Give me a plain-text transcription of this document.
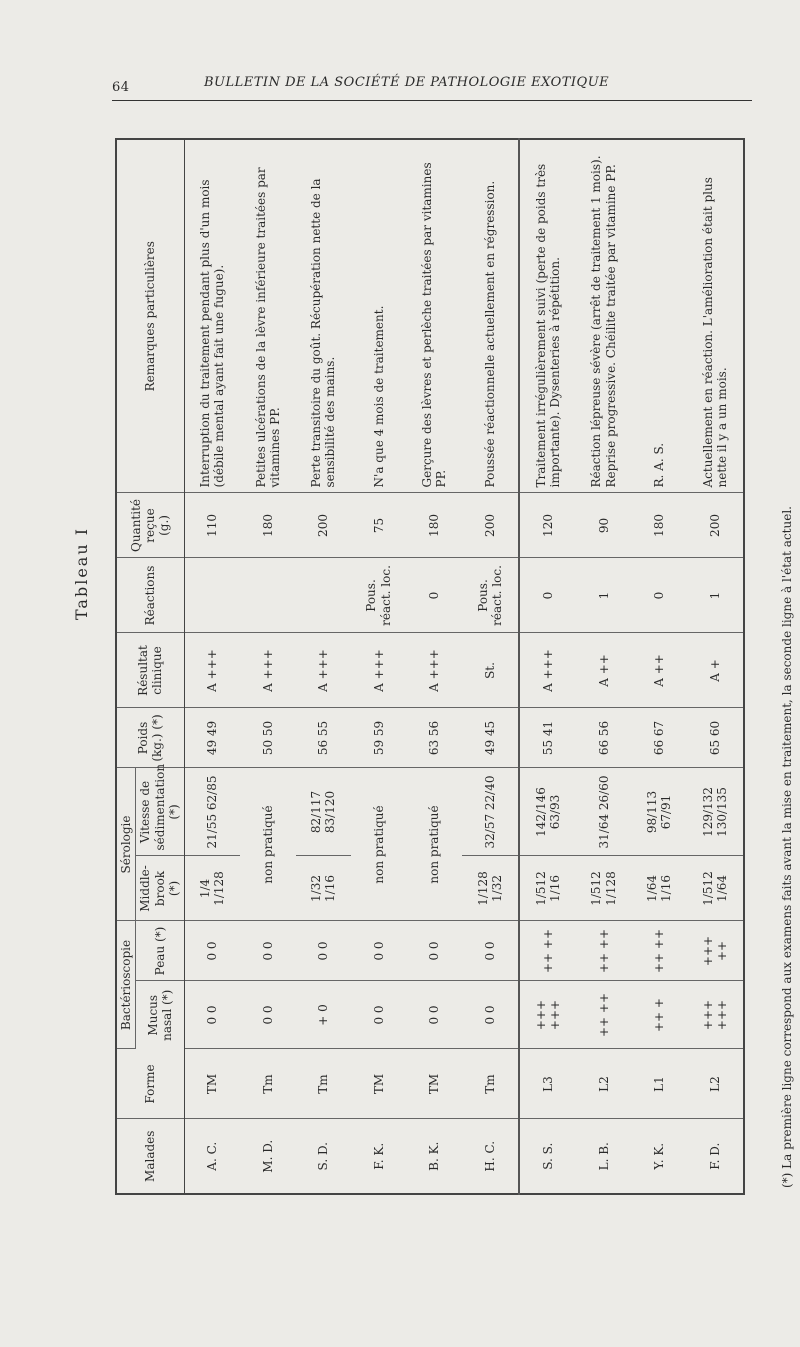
64	BULLETIN DE LA SOCIÉTÉ DE PATHOLOGIE EXOTIQUE
Tableau I
Malades	Forme	Bactérioscopie		Sérologie		Poids (kg.) (*)	Résultat clinique	Réactions	Quantité reçue (g.)	Remarques particulières
		Mucus nasal (*)	Peau (*)	Middle-brook (*)	Vitesse de sédimentation (*)					
A. C.	TM	0 0	0 0	1/4 1/128	21/55 62/85	49 49	A +++		110	Interruption du traitement pendant plus d'un mois (débile mental ayant fait une fugue).
M. D.	Tm	0 0	0 0	non pratiqué		50 50	A +++		180	Petites ulcérations de la lèvre inférieure traitées par vitamines PP.
S. D.	Tm	+ 0	0 0	1/32 1/16	82/117 83/120	56 55	A +++		200	Perte transitoire du goût. Récupération nette de la sensibilité des mains.
F. K.	TM	0 0	0 0	non pratiqué		59 59	A +++	Pous. réact. loc.	75	N'a que 4 mois de traitement.
B. K.	TM	0 0	0 0	non pratiqué		63 56	A +++	0	180	Gerçure des lèvres et perlèche traitées par vitamines PP.
H. C.	Tm	0 0	0 0	1/128 1/32	32/57 22/40	49 45	St.	Pous. réact. loc.	200	Poussée réactionnelle actuellement en régression.
S. S.	L3	+++ +++	++ ++	1/512 1/16	142/146 63/93	55 41	A +++	0	120	Traitement irrégulièrement suivi (perte de poids très importante). Dysenteries à répétition.
L. B.	L2	++ ++	++ ++	1/512 1/128	31/64 26/60	66 56	A ++	1	90	Réaction lépreuse sévère (arrêt de traitement 1 mois). Reprise progressive. Chéilite traitée par vitamine PP.
Y. K.	L1	++ +	++ ++	1/64 1/16	98/113 67/91	66 67	A ++	0	180	R. A. S.
F. D.	L2	+++ +++	+++ ++	1/512 1/64	129/132 130/135	65 60	A +	1	200	Actuellement en réaction. L'amélioration était plus nette il y a un mois.
(*) La première ligne correspond aux examens faits avant la mise en traitement, la seconde ligne à l'état actuel.
